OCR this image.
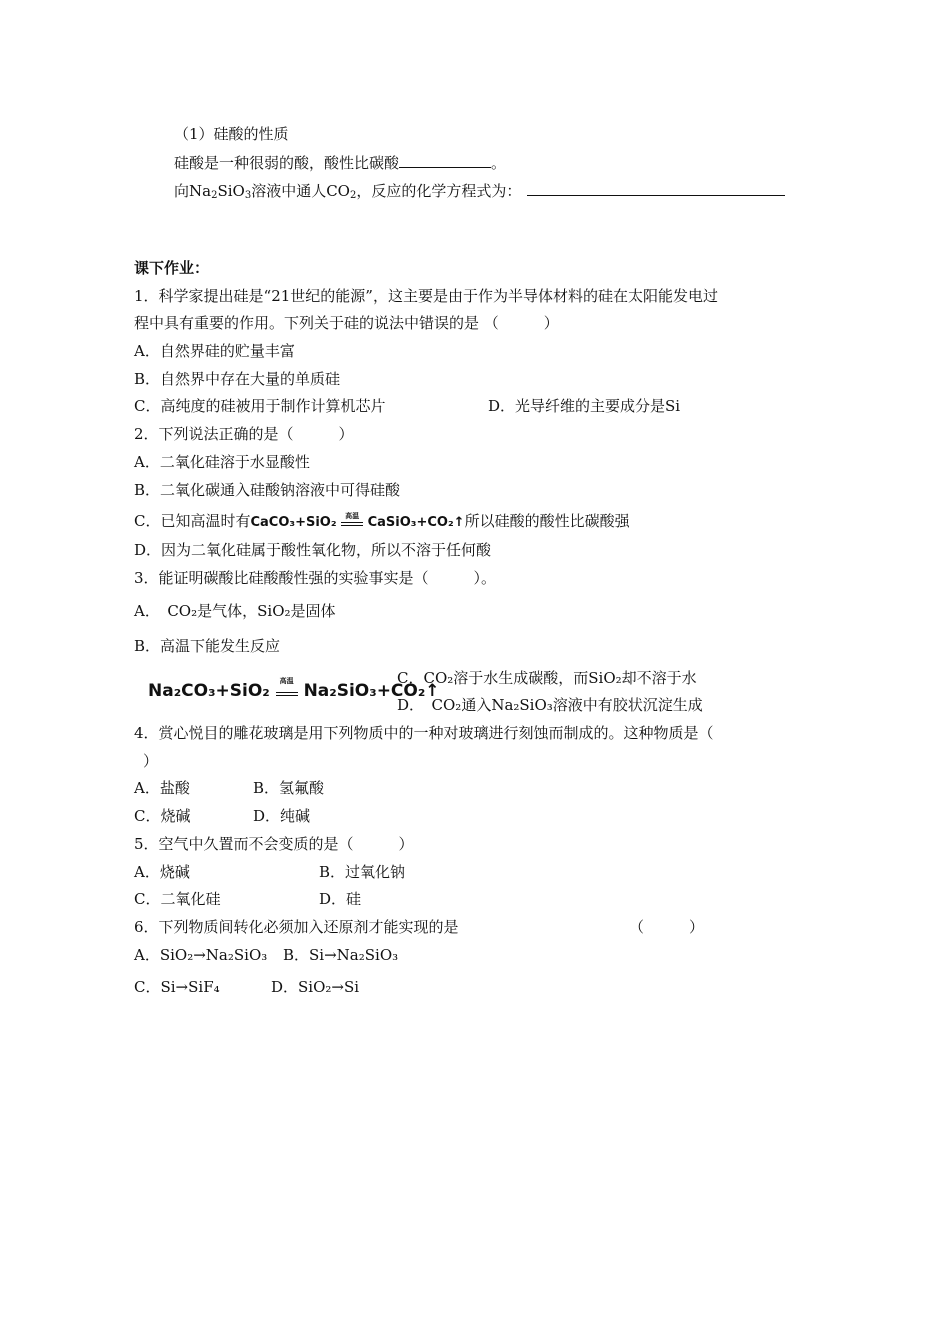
（1）硅酸的性质
硅酸是一种很弱的酸，酸性比碳酸	。
向$Na_2SiO_3$溶液中通人$CO_2$，反应的化学方程式为：
课下作业：
1．科学家提出硅是“21世纪的能源”，这主要是由于作为半导体材料的硅在太阳能发电过
程中具有重要的作用。下列关于硅的说法中错误的是 （　　　）
A．自然界硅的贮量丰富
B．自然界中存在大量的单质硅
C．高纯度的硅被用于制作计算机芯片	D．光导纤维的主要成分是Si
2．下列说法正确的是（　　　）
A．二氧化硅溶于水显酸性
B．二氧化碳通入硅酸钠溶液中可得硅酸
C．已知高温时有CaCO₃+SiO₂	高温 CaSiO₃+CO₂↑所以硅酸的酸性比碳酸强
D．因为二氧化硅属于酸性氧化物，所以不溶于任何酸
3．能证明碳酸比硅酸酸性强的实验事实是（　　　）。
A．　CO₂是气体，SiO₂是固体
B．高温下能发生反应
Na₂CO₃+SiO₂	高温 Na₂SiO₃+CO₂↑
C．CO₂溶于水生成碳酸，而SiO₂却不溶于水
D．　CO₂通入Na₂SiO₃溶液中有胶状沉淀生成
4．赏心悦目的雕花玻璃是用下列物质中的一种对玻璃进行刻蚀而制成的。这种物质是（
）
A．盐酸	B．氢氟酸
C．烧碱	D．纯碱
5．空气中久置而不会变质的是（　　　）
A．烧碱	B．过氧化钠
C．二氧化硅	D．硅
6．下列物质间转化必须加入还原剂才能实现的是	（　　　）
A．SiO₂→Na₂SiO₃ B．Si→Na₂SiO₃
C．Si→SiF₄	D．SiO₂→Si
